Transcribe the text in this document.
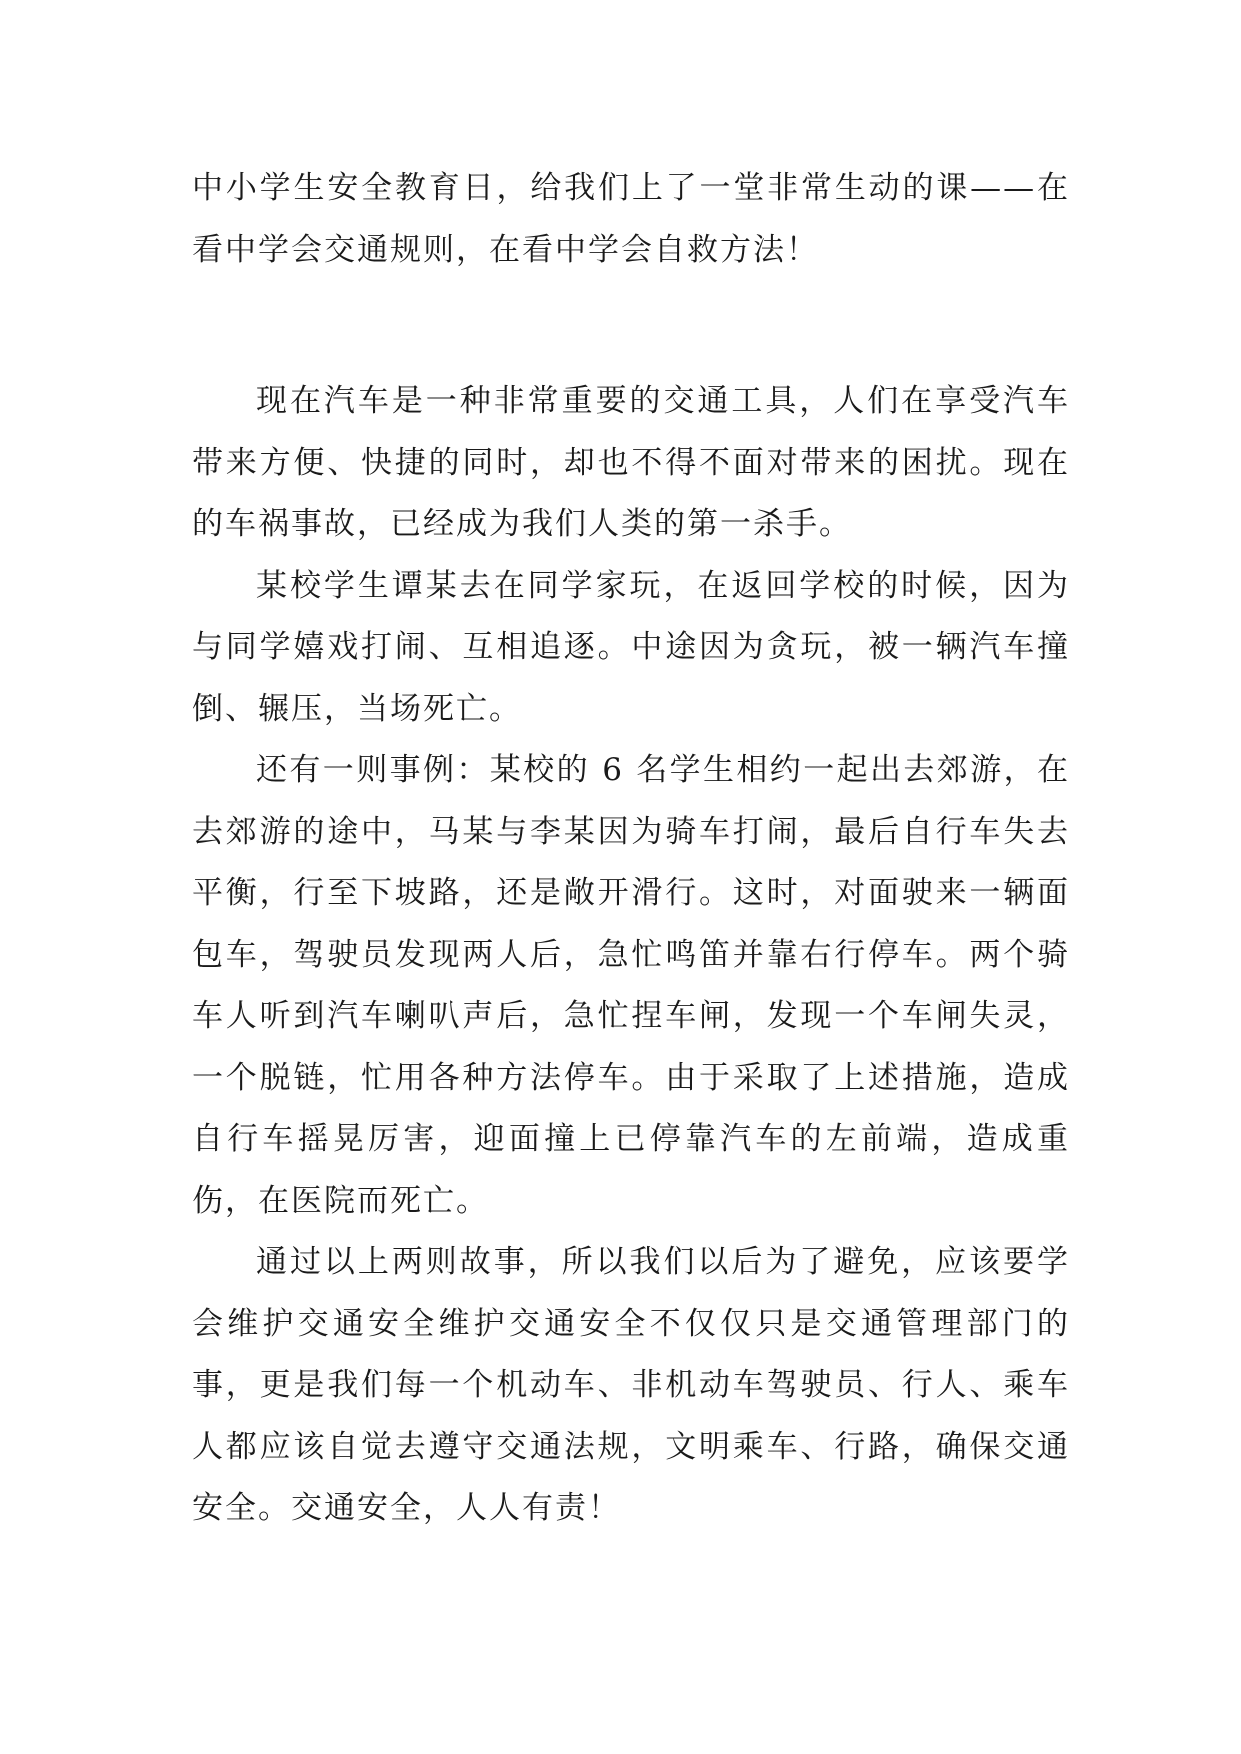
中小学生安全教育日，给我们上了一堂非常生动的课——在看中学会交通规则，在看中学会自救方法！

现在汽车是一种非常重要的交通工具，人们在享受汽车带来方便、快捷的同时，却也不得不面对带来的困扰。现在的车祸事故，已经成为我们人类的第一杀手。

某校学生谭某去在同学家玩，在返回学校的时候，因为与同学嬉戏打闹、互相追逐。中途因为贪玩，被一辆汽车撞倒、辗压，当场死亡。

还有一则事例：某校的 6 名学生相约一起出去郊游，在去郊游的途中，马某与李某因为骑车打闹，最后自行车失去平衡，行至下坡路，还是敞开滑行。这时，对面驶来一辆面包车，驾驶员发现两人后，急忙鸣笛并靠右行停车。两个骑车人听到汽车喇叭声后，急忙捏车闸，发现一个车闸失灵，一个脱链，忙用各种方法停车。由于采取了上述措施，造成自行车摇晃厉害，迎面撞上已停靠汽车的左前端，造成重伤，在医院而死亡。

通过以上两则故事，所以我们以后为了避免，应该要学会维护交通安全维护交通安全不仅仅只是交通管理部门的事，更是我们每一个机动车、非机动车驾驶员、行人、乘车人都应该自觉去遵守交通法规，文明乘车、行路，确保交通安全。交通安全，人人有责！
